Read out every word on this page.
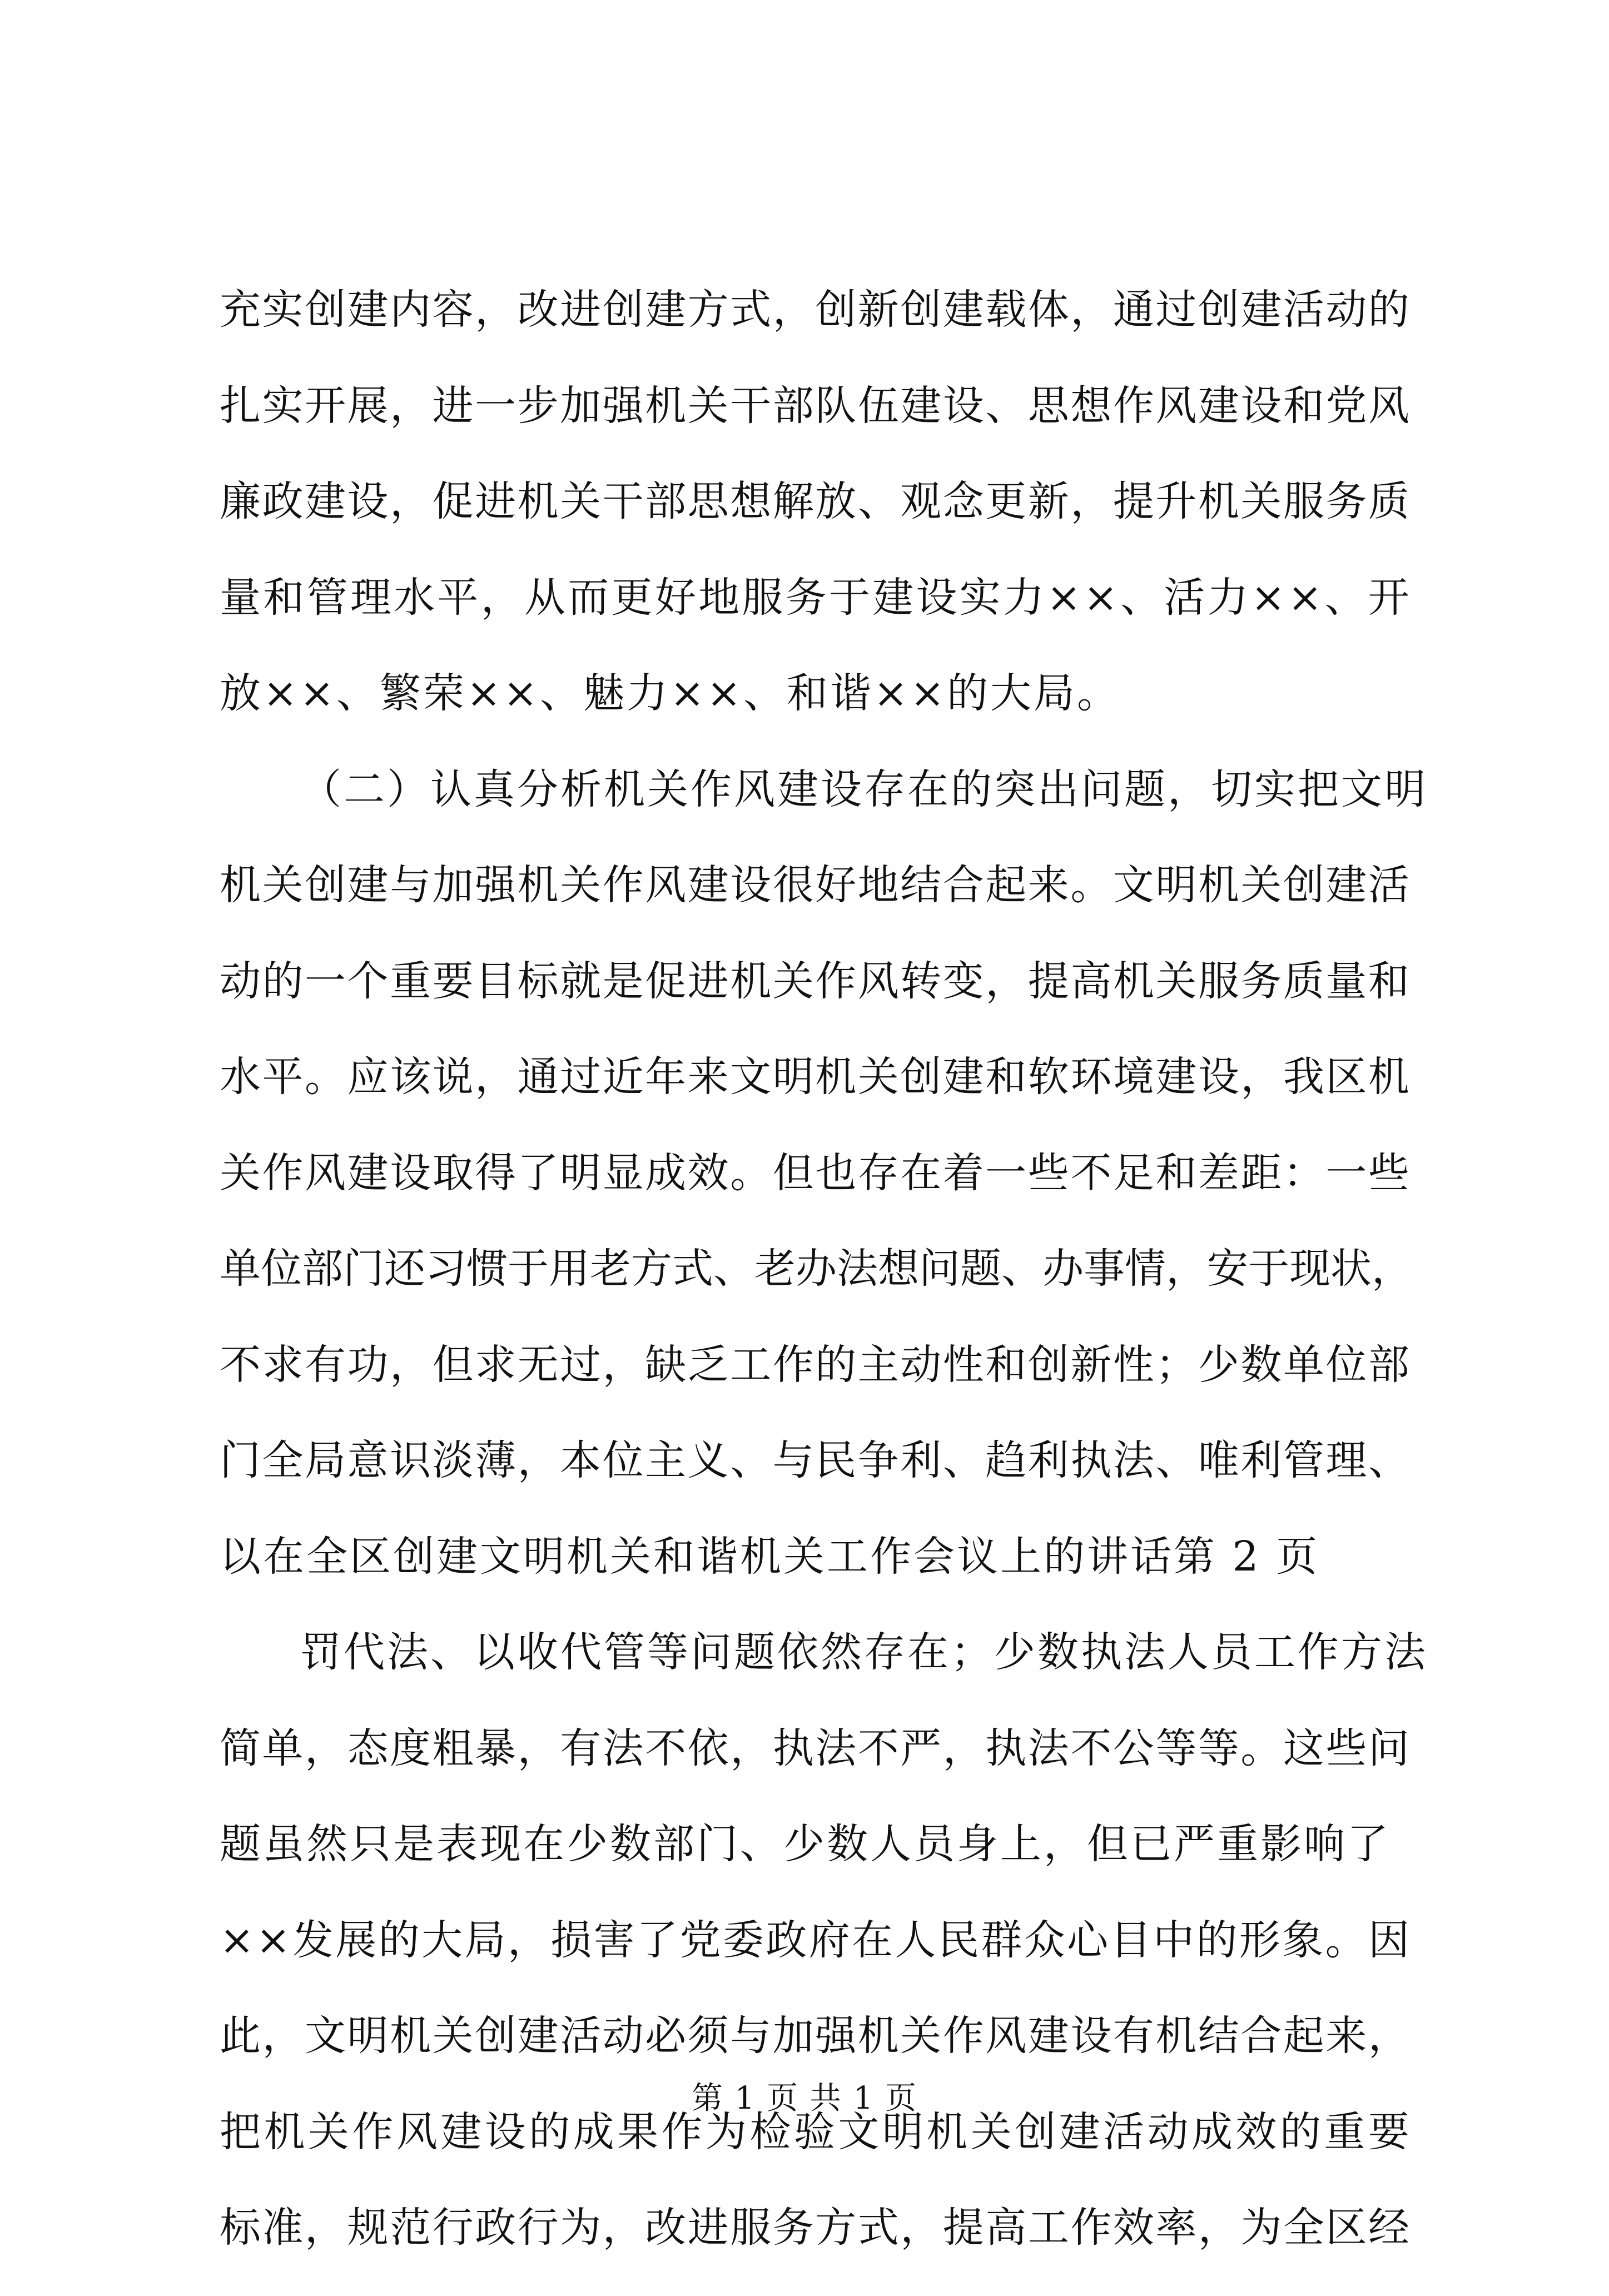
充 实 创 建 内 容 ， 改 进 创 建 方 式 ， 创 新 创 建 载 体 ， 通 过 创 建 活 动 的
扎 实 开 展 ， 进 一 步 加 强 机 关 干 部 队 伍 建 设 、 思 想 作 风 建 设 和 党 风
廉 政 建 设 ， 促 进 机 关 干 部 思 想 解 放 、 观 念 更 新 ， 提 升 机 关 服 务 质
量 和 管 理 水 平 ， 从 而 更 好 地 服 务 于 建 设 实 力 × × 、 活 力 × × 、 开
放××、繁荣××、魅力××、和谐××的大局。
（二）认真分析机关作风建设存在的突出问题，切实把文明
机 关 创 建 与 加 强 机 关 作 风 建 设 很 好 地 结 合 起 来 。 文 明 机 关 创 建 活
动 的 一 个 重 要 目 标 就 是 促 进 机 关 作 风 转 变 ， 提 高 机 关 服 务 质 量 和
水 平 。 应 该 说 ， 通 过 近 年 来 文 明 机 关 创 建 和 软 环 境 建 设 ， 我 区 机
关 作 风 建 设 取 得 了 明 显 成 效 。 但 也 存 在 着 一 些 不 足 和 差 距 ： 一 些
单 位 部 门 还 习 惯 于 用 老 方 式 、 老 办 法 想 问 题 、 办 事 情 ， 安 于 现 状 ，
不 求 有 功 ， 但 求 无 过 ， 缺 乏 工 作 的 主 动 性 和 创 新 性 ； 少 数 单 位 部
门 全 局 意 识 淡 薄 ， 本 位 主 义 、 与 民 争 利 、 趋 利 执 法 、 唯 利 管 理 、
以在全区创建文明机关和谐机关工作会议上的讲话第 2 页
罚代法、以收代管等问题依然存在；少数执法人员工作方法
简 单 ， 态 度 粗 暴 ， 有 法 不 依 ， 执 法 不 严 ， 执 法 不 公 等 等 。 这 些 问
题虽然只是表现在少数部门、少数人员身上，但已严重影响了
× × 发 展 的 大 局 ， 损 害 了 党 委 政 府 在 人 民 群 众 心 目 中 的 形 象 。 因
此 ， 文 明 机 关 创 建 活 动 必 须 与 加 强 机 关 作 风 建 设 有 机 结 合 起 来 ，
把 机 关 作 风 建 设 的 成 果 作 为 检 验 文 明 机 关 创 建 活 动 成 效 的 重 要
标 准 ， 规 范 行 政 行 为 ， 改 进 服 务 方 式 ， 提 高 工 作 效 率 ， 为 全 区 经
第 1 页 共 1 页
